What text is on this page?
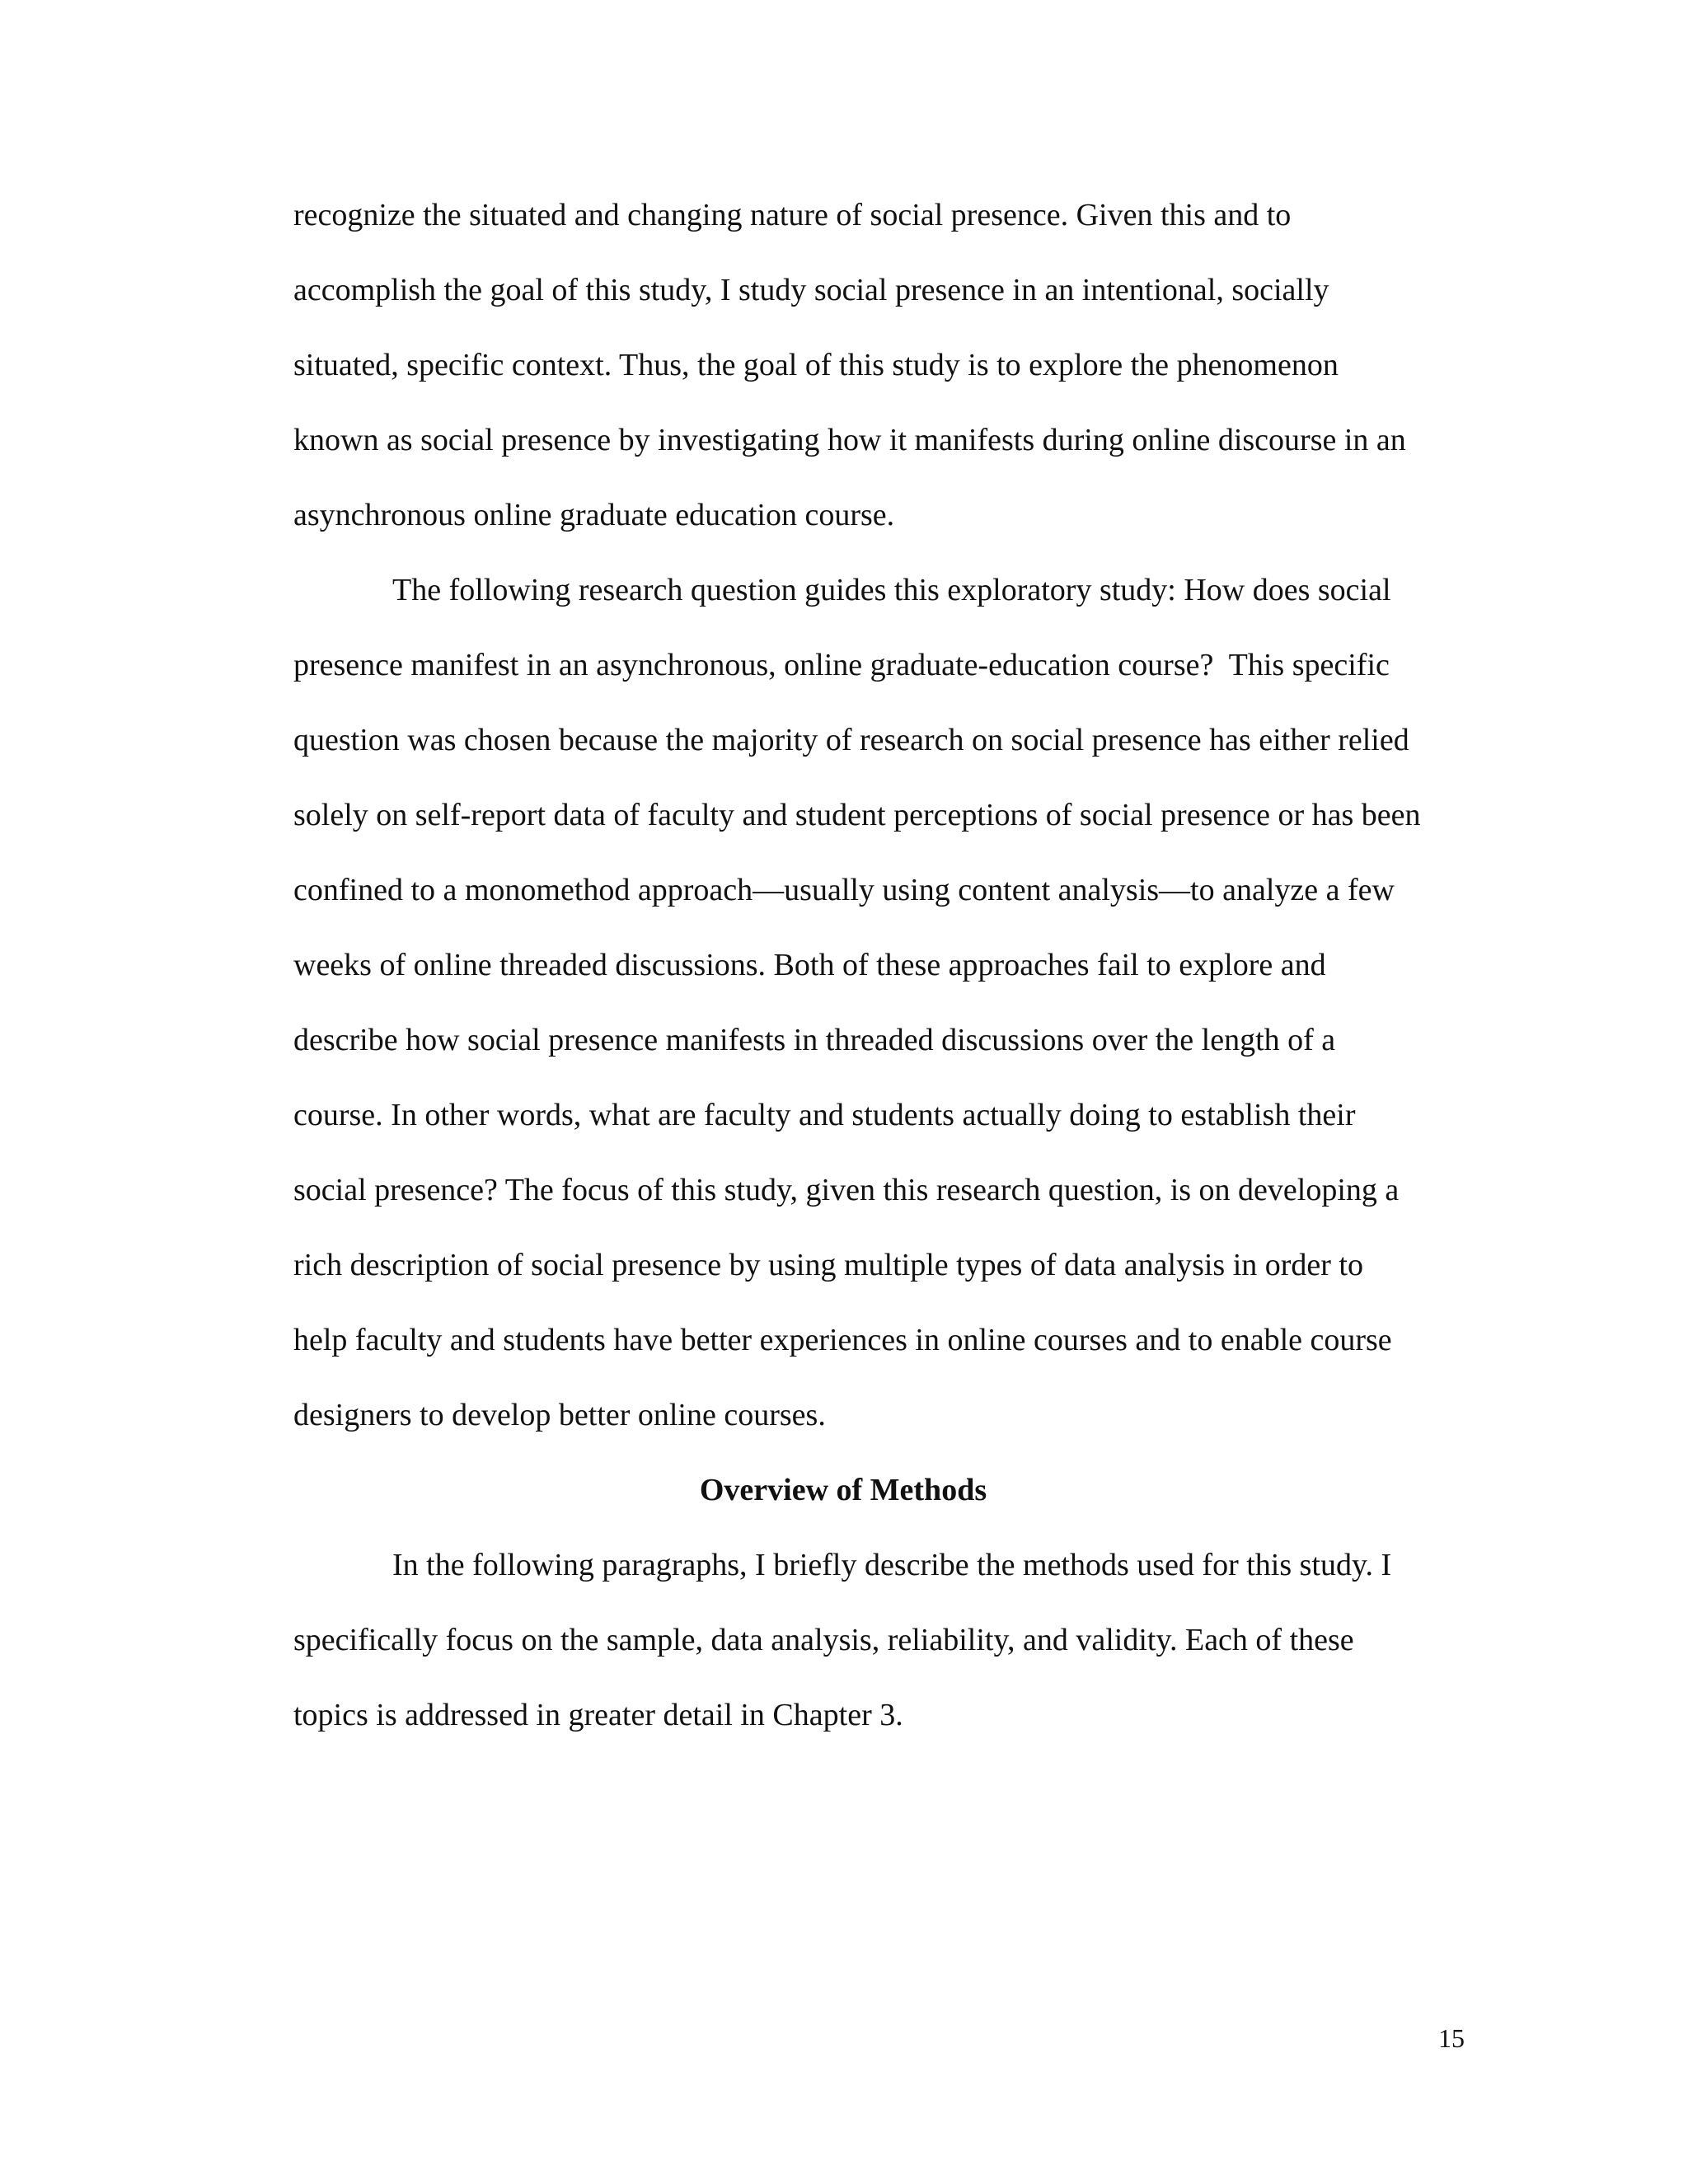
recognize the situated and changing nature of social presence. Given this and to
accomplish the goal of this study, I study social presence in an intentional, socially
situated, specific context. Thus, the goal of this study is to explore the phenomenon
known as social presence by investigating how it manifests during online discourse in an
asynchronous online graduate education course.
The following research question guides this exploratory study: How does social
presence manifest in an asynchronous, online graduate-education course?  This specific
question was chosen because the majority of research on social presence has either relied
solely on self-report data of faculty and student perceptions of social presence or has been
confined to a monomethod approach—usually using content analysis—to analyze a few
weeks of online threaded discussions. Both of these approaches fail to explore and
describe how social presence manifests in threaded discussions over the length of a
course. In other words, what are faculty and students actually doing to establish their
social presence? The focus of this study, given this research question, is on developing a
rich description of social presence by using multiple types of data analysis in order to
help faculty and students have better experiences in online courses and to enable course
designers to develop better online courses.
Overview of Methods
In the following paragraphs, I briefly describe the methods used for this study. I
specifically focus on the sample, data analysis, reliability, and validity. Each of these
topics is addressed in greater detail in Chapter 3.
15
